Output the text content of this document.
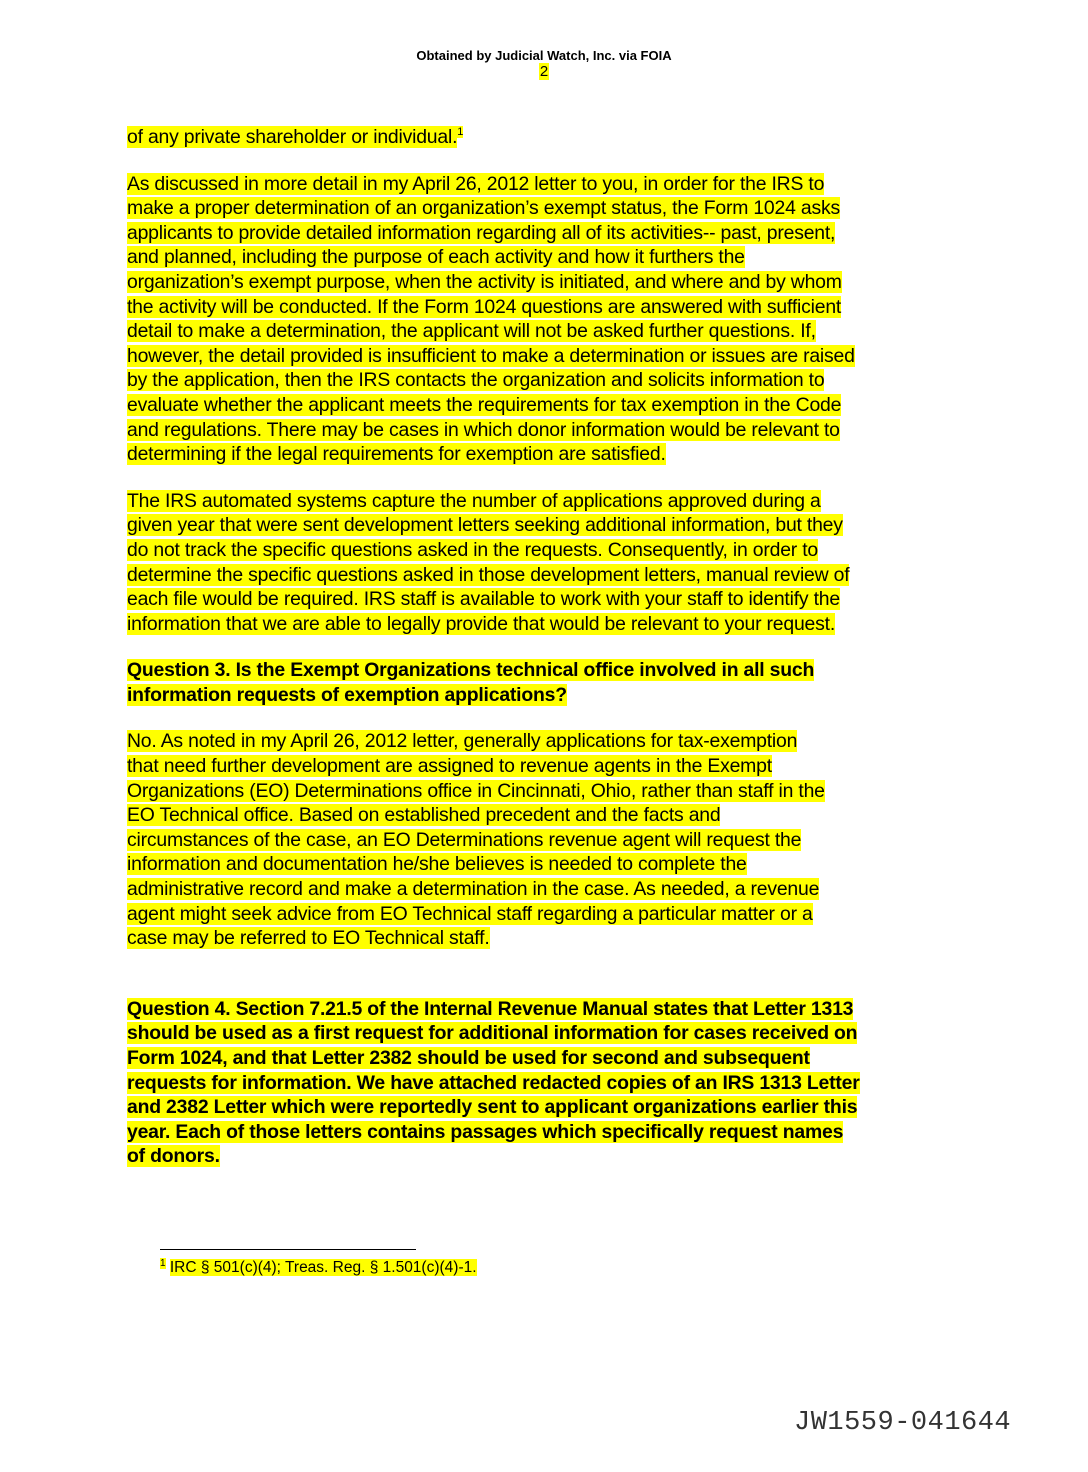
Obtained by Judicial Watch, Inc. via FOIA
2

of any private shareholder or individual.$^1$

As discussed in more detail in my April 26, 2012 letter to you, in order for the IRS to
make a proper determination of an organization’s exempt status, the Form 1024 asks
applicants to provide detailed information regarding all of its activities-- past, present,
and planned, including the purpose of each activity and how it furthers the
organization’s exempt purpose, when the activity is initiated, and where and by whom
the activity will be conducted. If the Form 1024 questions are answered with sufficient
detail to make a determination, the applicant will not be asked further questions. If,
however, the detail provided is insufficient to make a determination or issues are raised
by the application, then the IRS contacts the organization and solicits information to
evaluate whether the applicant meets the requirements for tax exemption in the Code
and regulations. There may be cases in which donor information would be relevant to
determining if the legal requirements for exemption are satisfied.

The IRS automated systems capture the number of applications approved during a
given year that were sent development letters seeking additional information, but they
do not track the specific questions asked in the requests. Consequently, in order to
determine the specific questions asked in those development letters, manual review of
each file would be required. IRS staff is available to work with your staff to identify the
information that we are able to legally provide that would be relevant to your request.

Question 3. Is the Exempt Organizations technical office involved in all such
information requests of exemption applications?

No. As noted in my April 26, 2012 letter, generally applications for tax-exemption
that need further development are assigned to revenue agents in the Exempt
Organizations (EO) Determinations office in Cincinnati, Ohio, rather than staff in the
EO Technical office. Based on established precedent and the facts and
circumstances of the case, an EO Determinations revenue agent will request the
information and documentation he/she believes is needed to complete the
administrative record and make a determination in the case. As needed, a revenue
agent might seek advice from EO Technical staff regarding a particular matter or a
case may be referred to EO Technical staff.

Question 4. Section 7.21.5 of the Internal Revenue Manual states that Letter 1313
should be used as a first request for additional information for cases received on
Form 1024, and that Letter 2382 should be used for second and subsequent
requests for information. We have attached redacted copies of an IRS 1313 Letter
and 2382 Letter which were reportedly sent to applicant organizations earlier this
year. Each of those letters contains passages which specifically request names
of donors.

$^1$ IRC § 501(c)(4); Treas. Reg. § 1.501(c)(4)-1.
JW1559-041644
